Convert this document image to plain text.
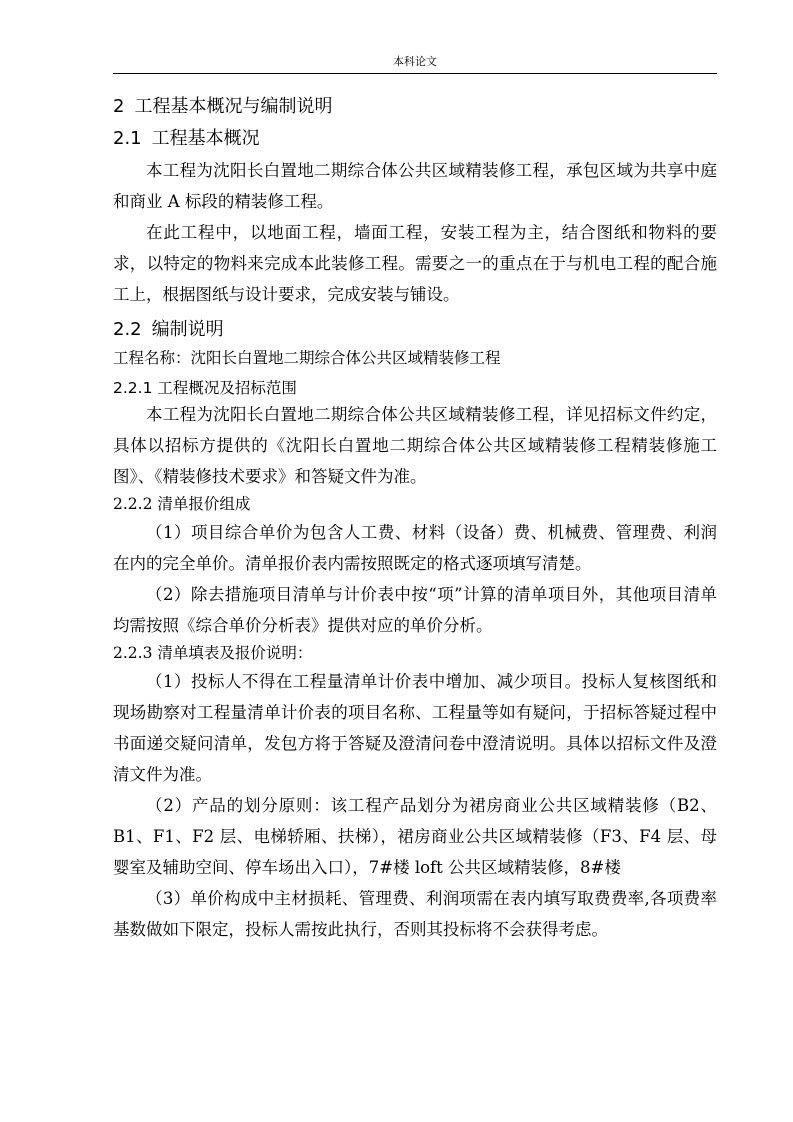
本科论文
2 工程基本概况与编制说明
2.1 工程基本概况

本工程为沈阳长白置地二期综合体公共区域精装修工程，承包区域为共享中庭和商业 A 标段的精装修工程。

在此工程中，以地面工程，墙面工程，安装工程为主，结合图纸和物料的要求，以特定的物料来完成本此装修工程。需要之一的重点在于与机电工程的配合施工上，根据图纸与设计要求，完成安装与铺设。

2.2 编制说明
工程名称：沈阳长白置地二期综合体公共区域精装修工程
2.2.1 工程概况及招标范围

本工程为沈阳长白置地二期综合体公共区域精装修工程，详见招标文件约定，具体以招标方提供的《沈阳长白置地二期综合体公共区域精装修工程精装修施工图》、《精装修技术要求》和答疑文件为准。

2.2.2 清单报价组成

（1）项目综合单价为包含人工费、材料（设备）费、机械费、管理费、利润在内的完全单价。清单报价表内需按照既定的格式逐项填写清楚。

（2）除去措施项目清单与计价表中按“项”计算的清单项目外，其他项目清单均需按照《综合单价分析表》提供对应的单价分析。

2.2.3 清单填表及报价说明：

（1）投标人不得在工程量清单计价表中增加、减少项目。投标人复核图纸和现场勘察对工程量清单计价表的项目名称、工程量等如有疑问，于招标答疑过程中书面递交疑问清单，发包方将于答疑及澄清问卷中澄清说明。具体以招标文件及澄清文件为准。

（2）产品的划分原则：该工程产品划分为裙房商业公共区域精装修（B2、B1、F1、F2 层、电梯轿厢、扶梯），裙房商业公共区域精装修（F3、F4 层、母婴室及辅助空间、停车场出入口），7#楼 loft 公共区域精装修，8#楼

（3）单价构成中主材损耗、管理费、利润项需在表内填写取费费率,各项费率基数做如下限定，投标人需按此执行，否则其投标将不会获得考虑。
